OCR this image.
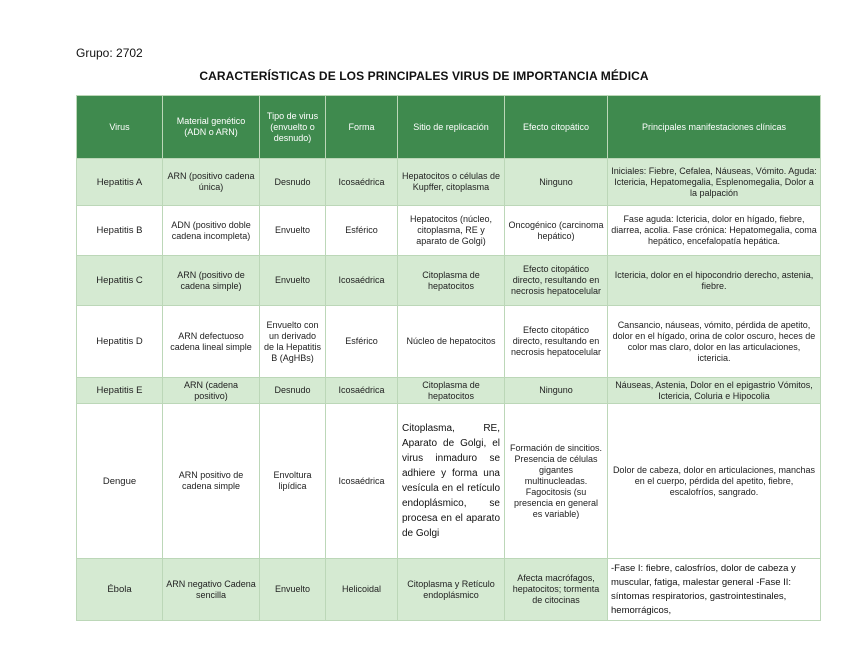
Grupo: 2702
CARACTERÍSTICAS DE LOS PRINCIPALES VIRUS DE IMPORTANCIA MÉDICA
Virus	Material genético (ADN o ARN)	Tipo de virus (envuelto o desnudo)	Forma	Sitio de replicación	Efecto citopático	Principales manifestaciones clínicas
Hepatitis A	ARN (positivo cadena única)	Desnudo	Icosaédrica	Hepatocitos o células de Kupffer, citoplasma	Ninguno	Iniciales: Fiebre, Cefalea, Náuseas, Vómito. Aguda: Ictericia, Hepatomegalia, Esplenomegalia, Dolor a la palpación
Hepatitis B	ADN (positivo doble cadena incompleta)	Envuelto	Esférico	Hepatocitos (núcleo, citoplasma, RE y aparato de Golgi)	Oncogénico (carcinoma hepático)	Fase aguda: Ictericia, dolor en hígado, fiebre, diarrea, acolia. Fase crónica: Hepatomegalia, coma hepático, encefalopatía hepática.
Hepatitis C	ARN (positivo de cadena simple)	Envuelto	Icosaédrica	Citoplasma de hepatocitos	Efecto citopático directo, resultando en necrosis hepatocelular	Ictericia, dolor en el hipocondrio derecho, astenia, fiebre.
Hepatitis D	ARN defectuoso cadena lineal simple	Envuelto con un derivado de la Hepatitis B (AgHBs)	Esférico	Núcleo de hepatocitos	Efecto citopático directo, resultando en necrosis hepatocelular	Cansancio, náuseas, vómito, pérdida de apetito, dolor en el hígado, orina de color oscuro, heces de color mas claro, dolor en las articulaciones, ictericia.
Hepatitis E	ARN (cadena positivo)	Desnudo	Icosaédrica	Citoplasma de hepatocitos	Ninguno	Náuseas, Astenia, Dolor en el epigastrio Vómitos, Ictericia, Coluria e Hipocolia
Dengue	ARN positivo de cadena simple	Envoltura lipídica	Icosaédrica	Citoplasma, RE, Aparato de Golgi, el virus inmaduro se adhiere y forma una vesícula en el retículo endoplásmico, se procesa en el aparato de Golgi	Formación de sincitios. Presencia de células gigantes multinucleadas. Fagocitosis (su presencia en general es variable)	Dolor de cabeza, dolor en articulaciones, manchas en el cuerpo, pérdida del apetito, fiebre, escalofríos, sangrado.
Ébola	ARN negativo Cadena sencilla	Envuelto	Helicoidal	Citoplasma y Retículo endoplásmico	Afecta macrófagos, hepatocitos; tormenta de citocinas	-Fase I: fiebre, calosfríos, dolor de cabeza y muscular, fatiga, malestar general -Fase II: síntomas respiratorios, gastrointestinales, hemorrágicos,
